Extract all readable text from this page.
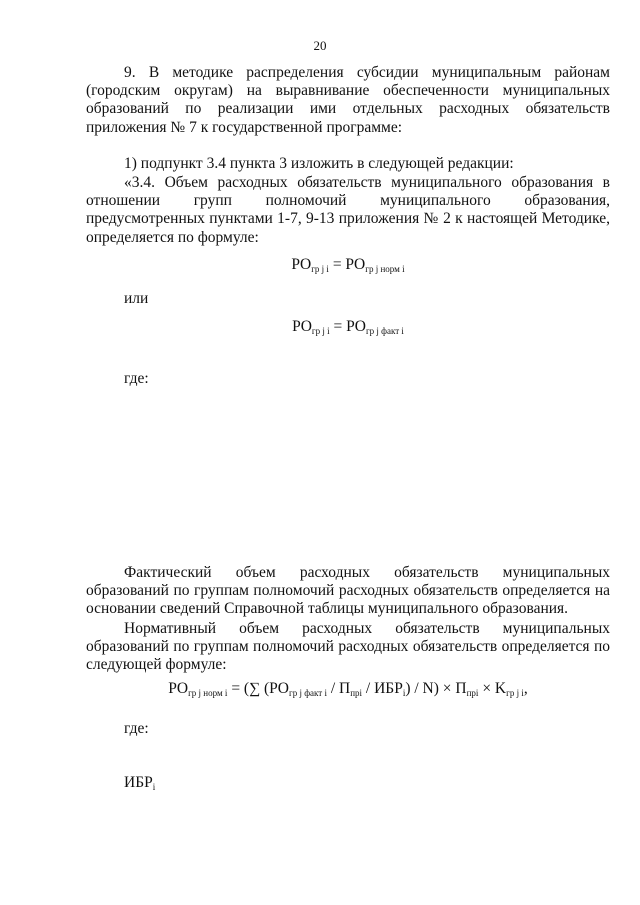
20
9. В методике распределения субсидии муниципальным районам (городским округам) на выравнивание обеспеченности муниципальных образований по реализации ими отдельных расходных обязательств приложения № 7 к государственной программе:
1) подпункт 3.4 пункта 3 изложить в следующей редакции:
«3.4. Объем расходных обязательств муниципального образования в отношении групп полномочий муниципального образования, предусмотренных пунктами 1-7, 9-13 приложения № 2 к настоящей Методике, определяется по формуле:
$PO_{гр j i} = PO_{гр j норм i}$
или
$PO_{гр j i} = PO_{гр j факт i}$
где:
Фактический объем расходных обязательств муниципальных образований по группам полномочий расходных обязательств определяется на основании сведений Справочной таблицы муниципального образования.
Нормативный объем расходных обязательств муниципальных образований по группам полномочий расходных обязательств определяется по следующей формуле:
$PO_{гр j норм i}$ = (∑ $(PO_{гр j факт i} / П_{прi} / ИБР_i) / N) \times П_{прi} \times K_{гр j i}$,
где:
$ИБР_i$
